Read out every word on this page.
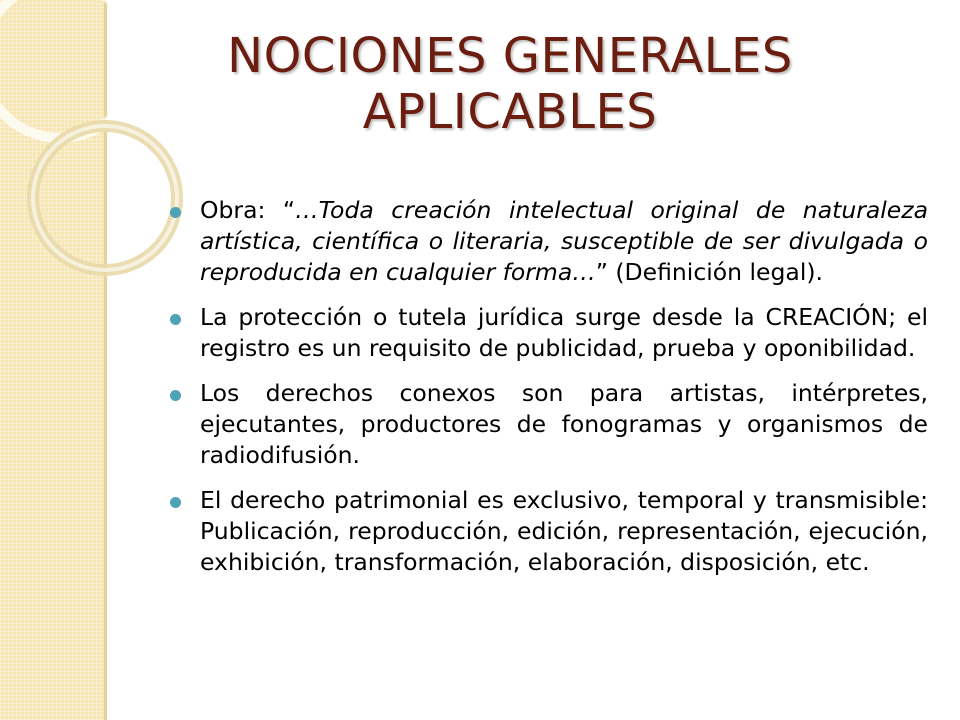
NOCIONES GENERALES
APLICABLES
Obra: “…Toda creación intelectual original de naturaleza artística, científica o literaria, susceptible de ser divulgada o reproducida en cualquier forma…” (Definición legal).
La protección o tutela jurídica surge desde la CREACIÓN; el registro es un requisito de publicidad, prueba y oponibilidad.
Los derechos conexos son para artistas, intérpretes, ejecutantes, productores de fonogramas y organismos de radiodifusión.
El derecho patrimonial es exclusivo, temporal y transmisible: Publicación, reproducción, edición, representación, ejecución, exhibición, transformación, elaboración, disposición, etc.
